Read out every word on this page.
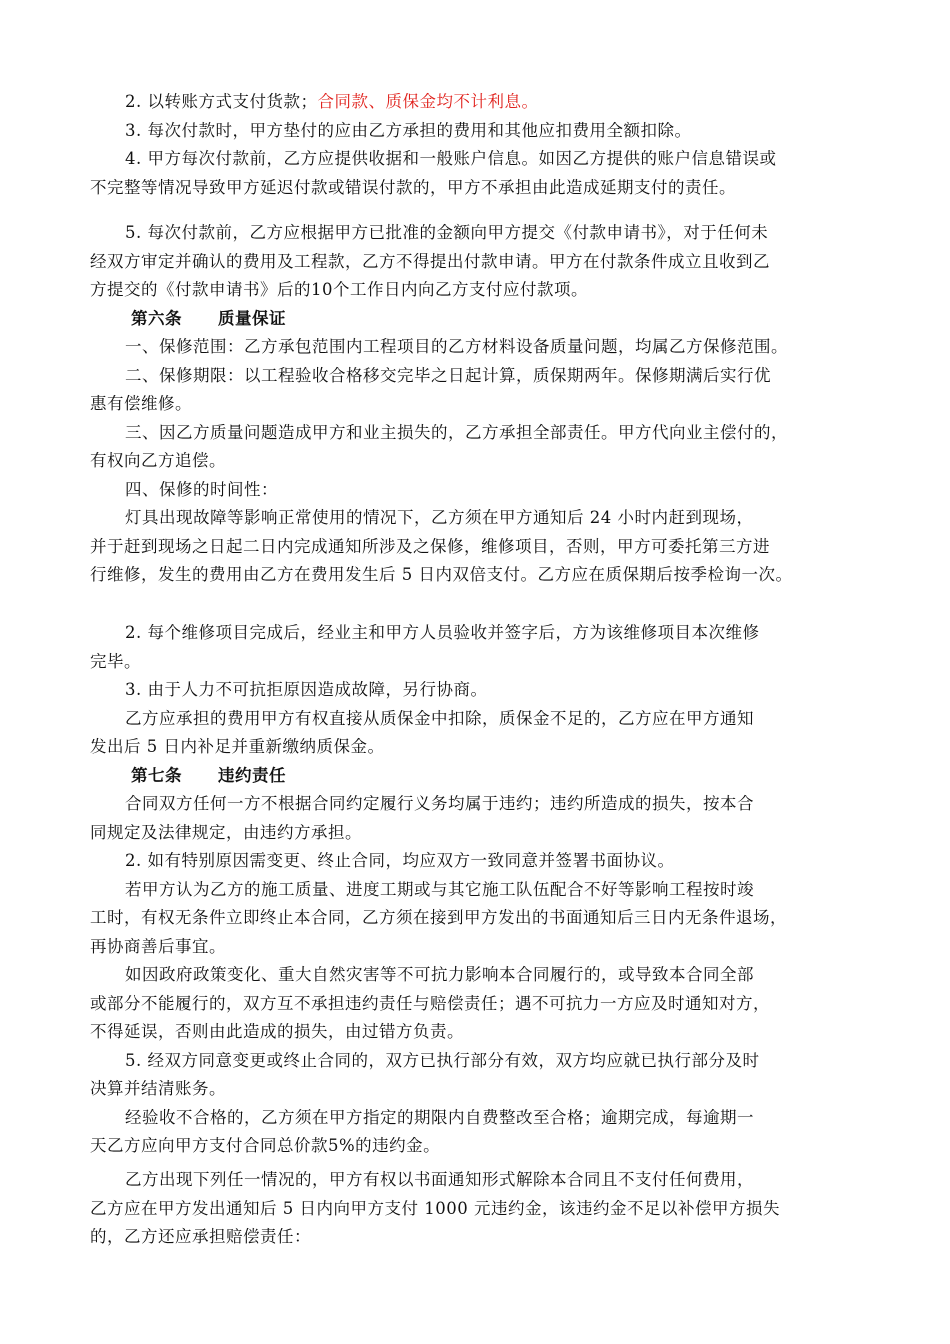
2. 以转账方式支付货款；合同款、质保金均不计利息。
3. 每次付款时，甲方垫付的应由乙方承担的费用和其他应扣费用全额扣除。
4. 甲方每次付款前，乙方应提供收据和一般账户信息。如因乙方提供的账户信息错误或
不完整等情况导致甲方延迟付款或错误付款的，甲方不承担由此造成延期支付的责任。
5. 每次付款前，乙方应根据甲方已批准的金额向甲方提交《付款申请书》，对于任何未
经双方审定并确认的费用及工程款，乙方不得提出付款申请。甲方在付款条件成立且收到乙
方提交的《付款申请书》后的10个工作日内向乙方支付应付款项。
第六条 质量保证
一、保修范围：乙方承包范围内工程项目的乙方材料设备质量问题，均属乙方保修范围。
二、保修期限：以工程验收合格移交完毕之日起计算，质保期两年。保修期满后实行优
惠有偿维修。
三、因乙方质量问题造成甲方和业主损失的，乙方承担全部责任。甲方代向业主偿付的，
有权向乙方追偿。
四、保修的时间性：
灯具出现故障等影响正常使用的情况下，乙方须在甲方通知后 24 小时内赶到现场，
并于赶到现场之日起二日内完成通知所涉及之保修，维修项目，否则，甲方可委托第三方进
行维修，发生的费用由乙方在费用发生后 5 日内双倍支付。乙方应在质保期后按季检询一次。
2. 每个维修项目完成后，经业主和甲方人员验收并签字后，方为该维修项目本次维修
完毕。
3. 由于人力不可抗拒原因造成故障，另行协商。
乙方应承担的费用甲方有权直接从质保金中扣除，质保金不足的，乙方应在甲方通知
发出后 5 日内补足并重新缴纳质保金。
第七条 违约责任
合同双方任何一方不根据合同约定履行义务均属于违约；违约所造成的损失，按本合
同规定及法律规定，由违约方承担。
2. 如有特别原因需变更、终止合同，均应双方一致同意并签署书面协议。
若甲方认为乙方的施工质量、进度工期或与其它施工队伍配合不好等影响工程按时竣
工时，有权无条件立即终止本合同，乙方须在接到甲方发出的书面通知后三日内无条件退场，
再协商善后事宜。
如因政府政策变化、重大自然灾害等不可抗力影响本合同履行的，或导致本合同全部
或部分不能履行的，双方互不承担违约责任与赔偿责任；遇不可抗力一方应及时通知对方，
不得延误，否则由此造成的损失，由过错方负责。
5. 经双方同意变更或终止合同的，双方已执行部分有效，双方均应就已执行部分及时
决算并结清账务。
经验收不合格的，乙方须在甲方指定的期限内自费整改至合格；逾期完成，每逾期一
天乙方应向甲方支付合同总价款5%的违约金。
乙方出现下列任一情况的，甲方有权以书面通知形式解除本合同且不支付任何费用，
乙方应在甲方发出通知后 5 日内向甲方支付 1000 元违约金，该违约金不足以补偿甲方损失
的，乙方还应承担赔偿责任：
